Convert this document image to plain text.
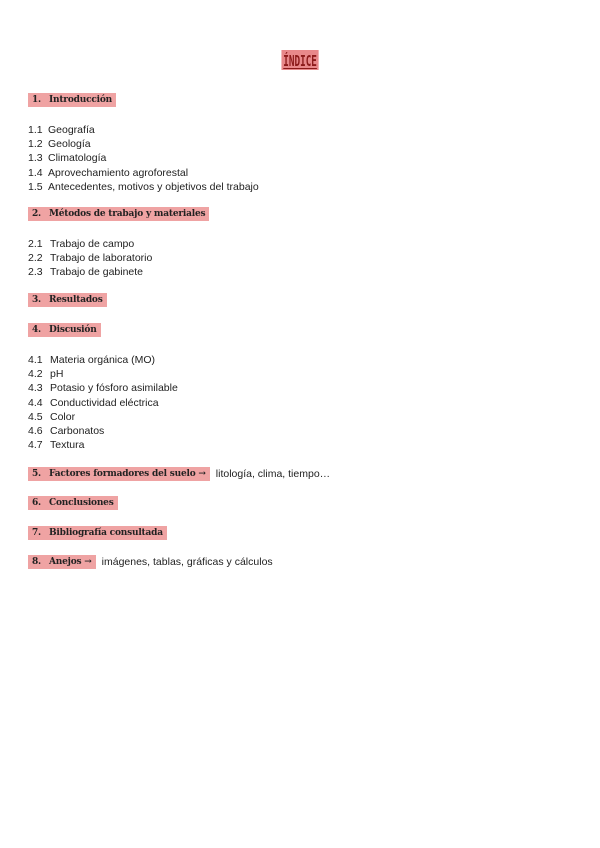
ÍNDICE
1. Introducción
1.1 Geografía
1.2 Geología
1.3 Climatología
1.4 Aprovechamiento agroforestal
1.5 Antecedentes, motivos y objetivos del trabajo
2. Métodos de trabajo y materiales
2.1 Trabajo de campo
2.2 Trabajo de laboratorio
2.3 Trabajo de gabinete
3. Resultados
4. Discusión
4.1 Materia orgánica (MO)
4.2 pH
4.3 Potasio y fósforo asimilable
4.4 Conductividad eléctrica
4.5 Color
4.6 Carbonatos
4.7 Textura
5. Factores formadores del suelo → litología, clima, tiempo…
6. Conclusiones
7. Bibliografía consultada
8. Anejos → imágenes, tablas, gráficas y cálculos
